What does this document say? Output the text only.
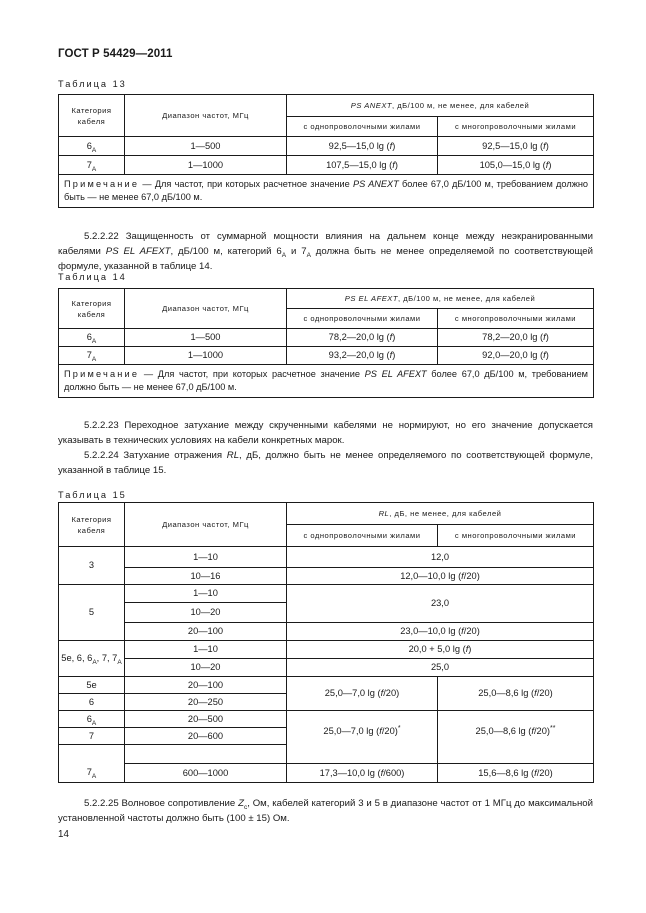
ГОСТ Р 54429—2011
Таблица 13
Категория кабеля	Диапазон частот, МГц	PS ANEXT, дБ/100 м, не менее, для кабелей	
		с однопроволочными жилами	с многопроволочными жилами
$6_A$	1—500	92,5—15,0 lg (f)	92,5—15,0 lg (f)
$7_A$	1—1000	107,5—15,0 lg (f)	105,0—15,0 lg (f)
Примечание — Для частот, при которых расчетное значение PS ANEXT более 67,0 дБ/100 м, требованием должно быть — не менее 67,0 дБ/100 м.			

5.2.2.22 Защищенность от суммарной мощности влияния на дальнем конце между неэкранированными кабелями PS EL AFEXT, дБ/100 м, категорий $6_A$ и $7_A$ должна быть не менее определяемой по соответствующей формуле, указанной в таблице 14.

Таблица 14
Категория кабеля	Диапазон частот, МГц	PS EL AFEXT, дБ/100 м, не менее, для кабелей	
		с однопроволочными жилами	с многопроволочными жилами
$6_A$	1—500	78,2—20,0 lg (f)	78,2—20,0 lg (f)
$7_A$	1—1000	93,2—20,0 lg (f)	92,0—20,0 lg (f)
Примечание — Для частот, при которых расчетное значение PS EL AFEXT более 67,0 дБ/100 м, требованием должно быть — не менее 67,0 дБ/100 м.			

5.2.2.23 Переходное затухание между скрученными кабелями не нормируют, но его значение допускается указывать в технических условиях на кабели конкретных марок.

5.2.2.24 Затухание отражения RL, дБ, должно быть не менее определяемого по соответствующей формуле, указанной в таблице 15.

Таблица 15
Категория кабеля	Диапазон частот, МГц	RL, дБ, не менее, для кабелей	
		с однопроволочными жилами	с многопроволочными жилами
3	1—10	12,0	
	10—16	12,0—10,0 lg (f/20)	
5	1—10	23,0	
	10—20		
	20—100	23,0—10,0 lg (f/20)	
5e, 6, $6_A$, 7, $7_A$	1—10	20,0 + 5,0 lg (f)	
	10—20	25,0	
5e	20—100	25,0—7,0 lg (f/20)	25,0—8,6 lg (f/20)
6	20—250		
$6_A$	20—500	25,0—7,0 lg (f/20)*	25,0—8,6 lg (f/20)**
7	20—600		
$7_A$	
	600—1000	17,3—10,0 lg (f/600)	15,6—8,6 lg (f/20)

5.2.2.25 Волновое сопротивление $Z_c$, Ом, кабелей категорий 3 и 5 в диапазоне частот от 1 МГц до максимальной установленной частоты должно быть (100 ± 15) Ом.

14
